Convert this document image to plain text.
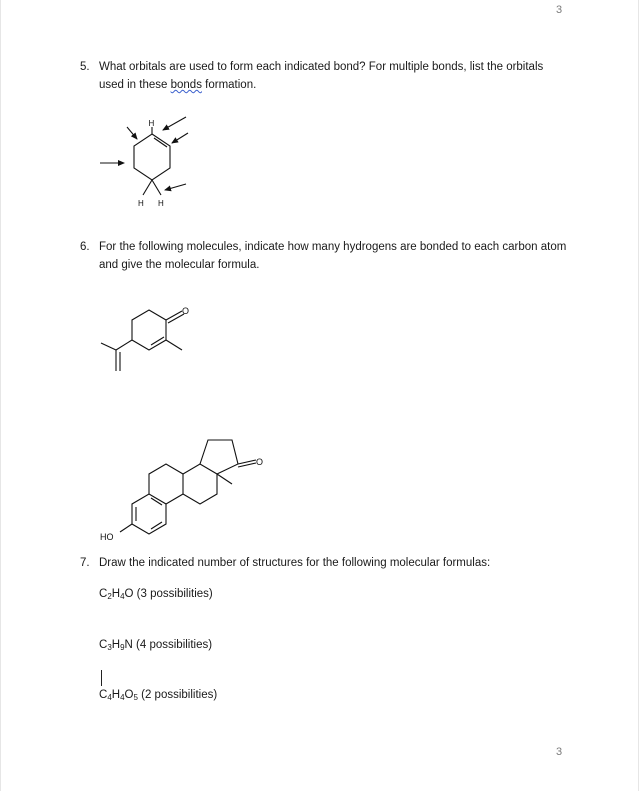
3
5. What orbitals are used to form each indicated bond? For multiple bonds, list the orbitals used in these bonds formation.
H
H H
6. For the following molecules, indicate how many hydrogens are bonded to each carbon atom and give the molecular formula.
O
HO
O
7. Draw the indicated number of structures for the following molecular formulas:
$C_2H_4O$ (3 possibilities)
$C_3H_9N$ (4 possibilities)
$C_4H_4O_5$ (2 possibilities)
3
